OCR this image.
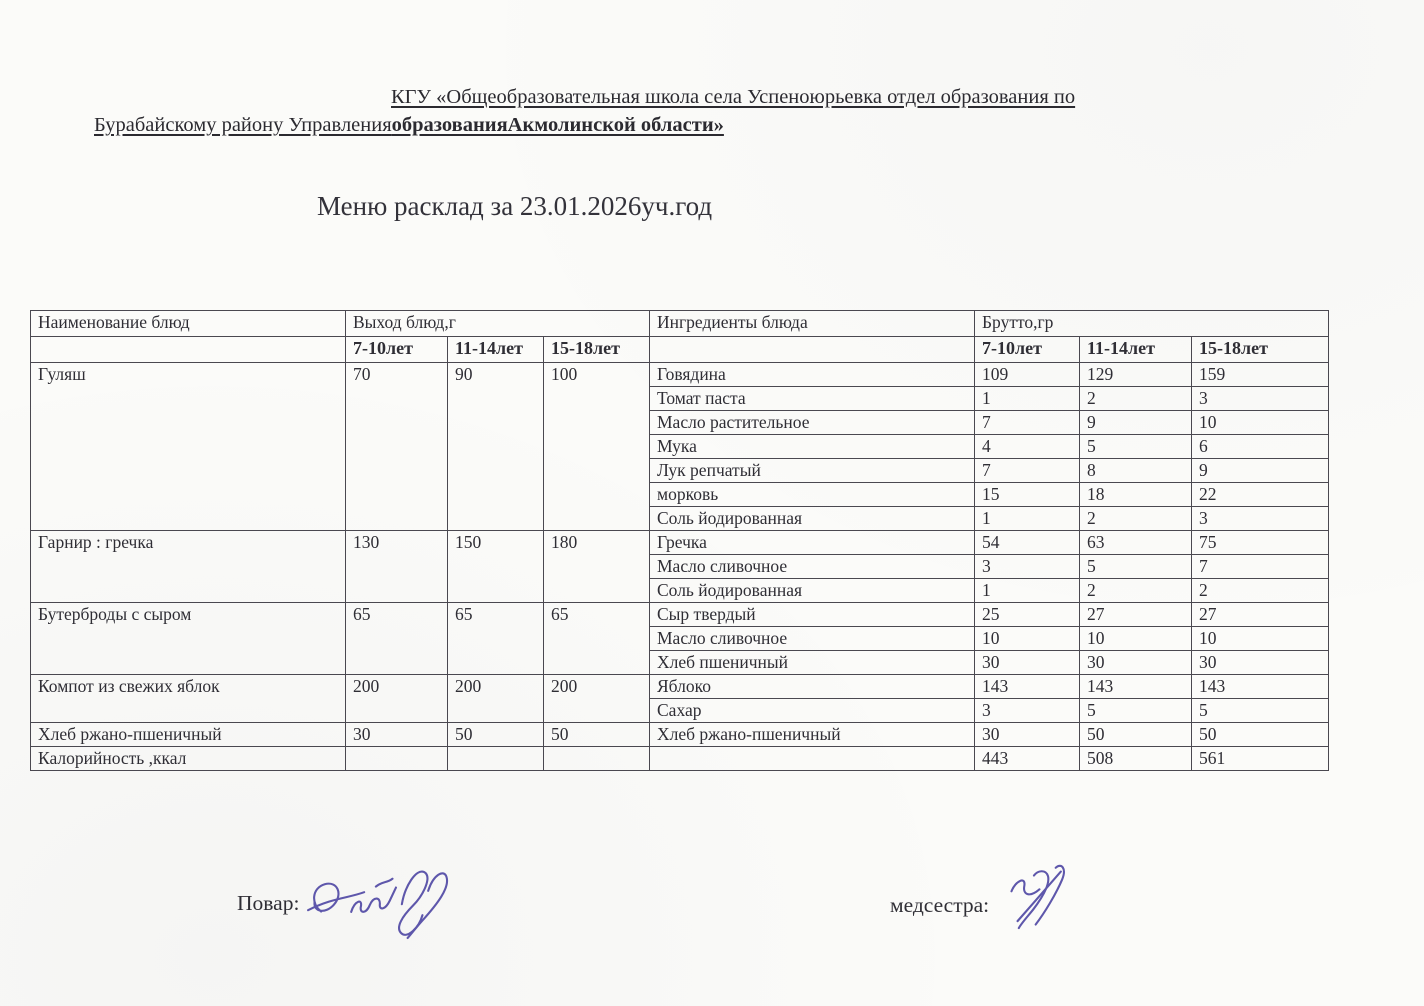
КГУ «Общеобразовательная школа села Успеноюрьевка отдел образования по
Бурабайскому району УправленияобразованияАкмолинской области»
Меню расклад за 23.01.2026уч.год
Наименование блюд	Выход блюд,г			Ингредиенты блюда	Брутто,гр		
	7-10лет	11-14лет	15-18лет		7-10лет	11-14лет	15-18лет
Гуляш	70	90	100	Говядина	109	129	159
				Томат паста	1	2	3
				Масло растительное	7	9	10
				Мука	4	5	6
				Лук репчатый	7	8	9
				морковь	15	18	22
				Соль йодированная	1	2	3
Гарнир : гречка	130	150	180	Гречка	54	63	75
				Масло сливочное	3	5	7
				Соль йодированная	1	2	2
Бутерброды с сыром	65	65	65	Сыр твердый	25	27	27
				Масло сливочное	10	10	10
				Хлеб пшеничный	30	30	30
Компот из свежих яблок	200	200	200	Яблоко	143	143	143
				Сахар	3	5	5
Хлеб ржано-пшеничный	30	50	50	Хлеб ржано-пшеничный	30	50	50
Калорийность ,ккал					443	508	561
Повар:	медсестра:
